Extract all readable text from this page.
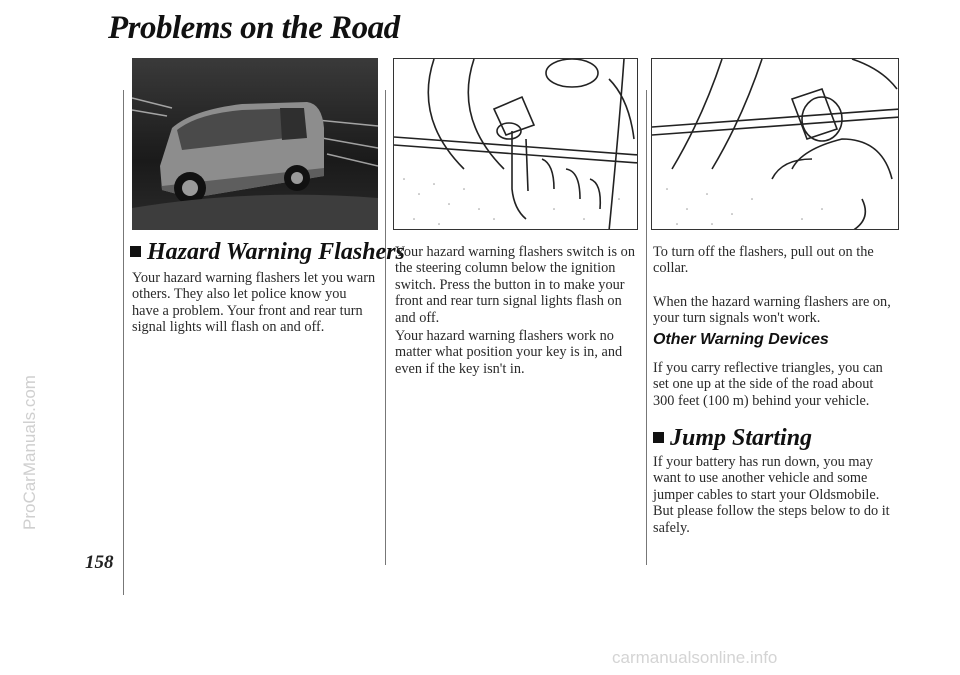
ProCarManuals.com
Problems on the Road
158
Hazard Warning Flashers

Your hazard warning flashers let you warn others. They also let police know you have a problem. Your front and rear turn signal lights will flash on and off.

Your hazard warning flashers switch is on the steering column below the ignition switch. Press the button in to make your front and rear turn signal lights flash on and off.

Your hazard warning flashers work no matter what position your key is in, and even if the key isn't in.

To turn off the flashers, pull out on the collar.

When the hazard warning flashers are on, your turn signals won't work.

Other Warning Devices

If you carry reflective triangles, you can set one up at the side of the road about 300 feet (100 m) behind your vehicle.

Jump Starting

If your battery has run down, you may want to use another vehicle and some jumper cables to start your Oldsmobile. But please follow the steps below to do it safely.

carmanualsonline.info
